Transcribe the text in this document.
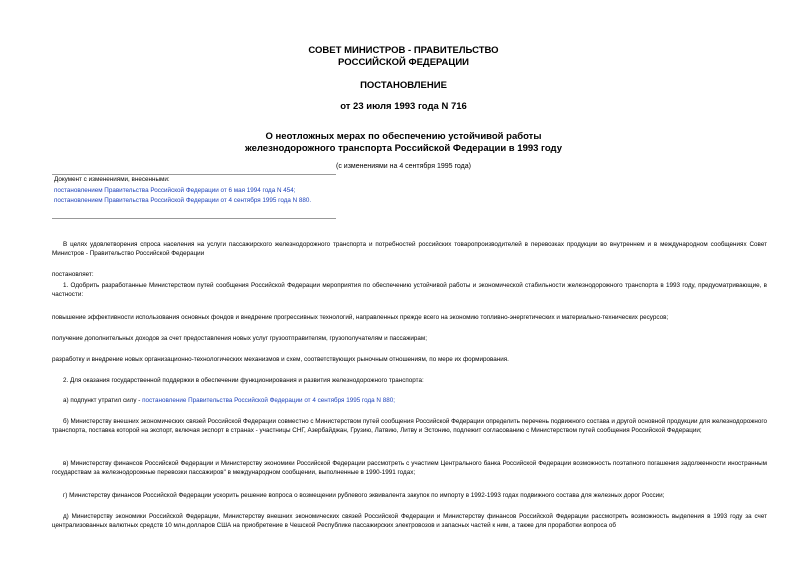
СОВЕТ МИНИСТРОВ - ПРАВИТЕЛЬСТВО
РОССИЙСКОЙ ФЕДЕРАЦИИ
ПОСТАНОВЛЕНИЕ
от 23 июля 1993 года N 716
О неотложных мерах по обеспечению устойчивой работы
железнодорожного транспорта Российской Федерации в 1993 году
(с изменениями на 4 сентября 1995 года)
Документ с изменениями, внесенными:
постановлением Правительства Российской Федерации от 6 мая 1994 года N 454;
постановлением Правительства Российской Федерации от 4 сентября 1995 года N 880.
В целях удовлетворения спроса населения на услуги пассажирского железнодорожного транспорта и потребностей российских товаропроизводителей в перевозках продукции во внутреннем и в международном сообщениях Совет Министров - Правительство Российской Федерации
постановляет:
1. Одобрить разработанные Министерством путей сообщения Российской Федерации мероприятия по обеспечению устойчивой работы и экономической стабильности железнодорожного транспорта в 1993 году, предусматривающие, в частности:
повышение эффективности использования основных фондов и внедрение прогрессивных технологий, направленных прежде всего на экономию топливно-энергетических и материально-технических ресурсов;
получение дополнительных доходов за счет предоставления новых услуг грузоотправителям, грузополучателям и пассажирам;
разработку и внедрение новых организационно-технологических механизмов и схем, соответствующих рыночным отношениям, по мере их формирования.
2. Для оказания государственной поддержки в обеспечении функционирования и развития железнодорожного транспорта:
а) подпункт утратил силу - постановление Правительства Российской Федерации от 4 сентября 1995 года N 880;
б) Министерству внешних экономических связей Российской Федерации совместно с Министерством путей сообщения Российской Федерации определить перечень подвижного состава и другой основной продукции для железнодорожного транспорта, поставка которой на экспорт, включая экспорт в странах - участницы СНГ, Азербайджан, Грузию, Латвию, Литву и Эстонию, подлежит согласованию с Министерством путей сообщения Российской Федерации;
в) Министерству финансов Российской Федерации и Министерству экономики Российской Федерации рассмотреть с участием Центрального банка Российской Федерации возможность поэтапного погашения задолженности иностранным государствам за железнодорожные перевозки пассажиров" в международном сообщении, выполненные в 1990-1991 годах;
г) Министерству финансов Российской Федерации ускорить решение вопроса о возмещении рублевого эквивалента закупок по импорту в 1992-1993 годах подвижного состава для железных дорог России;
д) Министерству экономики Российской Федерации, Министерству внешних экономических связей Российской Федерации и Министерству финансов Российской Федерации рассмотреть возможность выделения в 1993 году за счет централизованных валютных средств 10 млн.долларов США на приобретение в Чешской Республике пассажирских электровозов и запасных частей к ним, а также для проработки вопроса об
